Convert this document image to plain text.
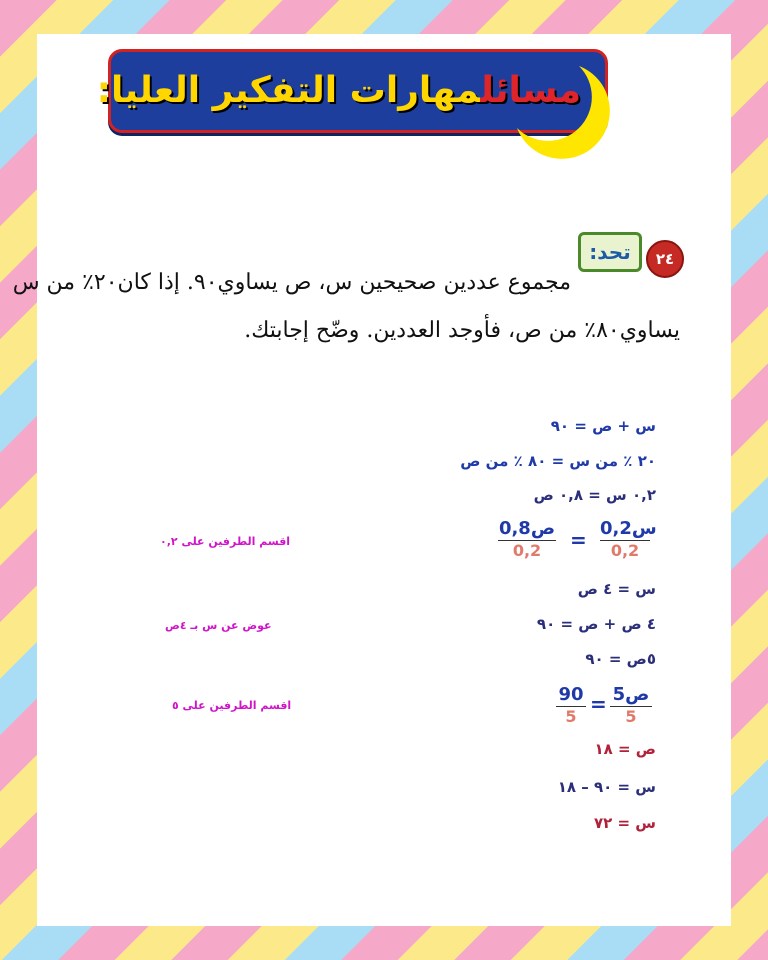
مسائلمهارات التفكير العليا:
٢٤
تحد:
مجموع عددين صحيحين س، ص يساوي٩٠. إذا كان٢٠٪ من س
يساوي٨٠٪ من ص، فأوجد العددين. وضّح إجابتك.
س + ص = ٩٠
٢٠ ٪ من س = ٨٠ ٪ من ص
٠,٢ س = ٠,٨ ص
0,2س
0,2
=
0,8ص
0,2
اقسم الطرفين على ٠,٢
س = ٤ ص
٤ ص + ص = ٩٠
عوض عن س بـ ٤ص
٥ص = ٩٠
5ص
5
=
$\frac{90}{5}$
اقسم الطرفين على ٥
ص = ١٨
س = ٩٠ – ١٨
س = ٧٢
